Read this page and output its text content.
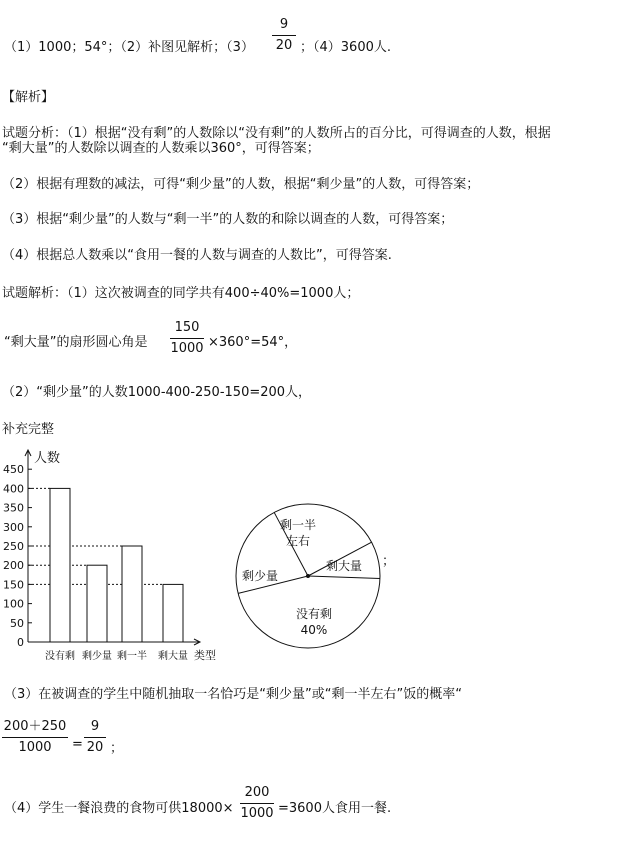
（1）1000；54°；（2）补图见解析；（3）
9
20 ；（4）3600人.
【解析】
试题分析：（1）根据“没有剩”的人数除以“没有剩”的人数所占的百分比，可得调查的人数，根据
“剩大量”的人数除以调查的人数乘以360°，可得答案；
（2）根据有理数的减法，可得“剩少量”的人数，根据“剩少量”的人数，可得答案；
（3）根据“剩少量”的人数与“剩一半”的人数的和除以调查的人数，可得答案；
（4）根据总人数乘以“食用一餐的人数与调查的人数比”，可得答案.
试题解析：（1）这次被调查的同学共有400÷40%=1000人；
“剩大量”的扇形圆心角是
150
1000 ×360°=54°，
（2）“剩少量”的人数1000-400-250-150=200人，
补充完整
0
50
100
150
200
250
300
350
400
450
没有剩 剩少量 剩一半 剩大量
人数
类型
剩一半
左右
剩大量
没有剩
40%
剩少量
；
（3）在被调查的学生中随机抽取一名恰巧是“剩少量”或“剩一半左右”饭的概率“
200＋250
1000	=
9
20 ；
（4）学生一餐浪费的食物可供18000×
200
1000 =3600人食用一餐.
